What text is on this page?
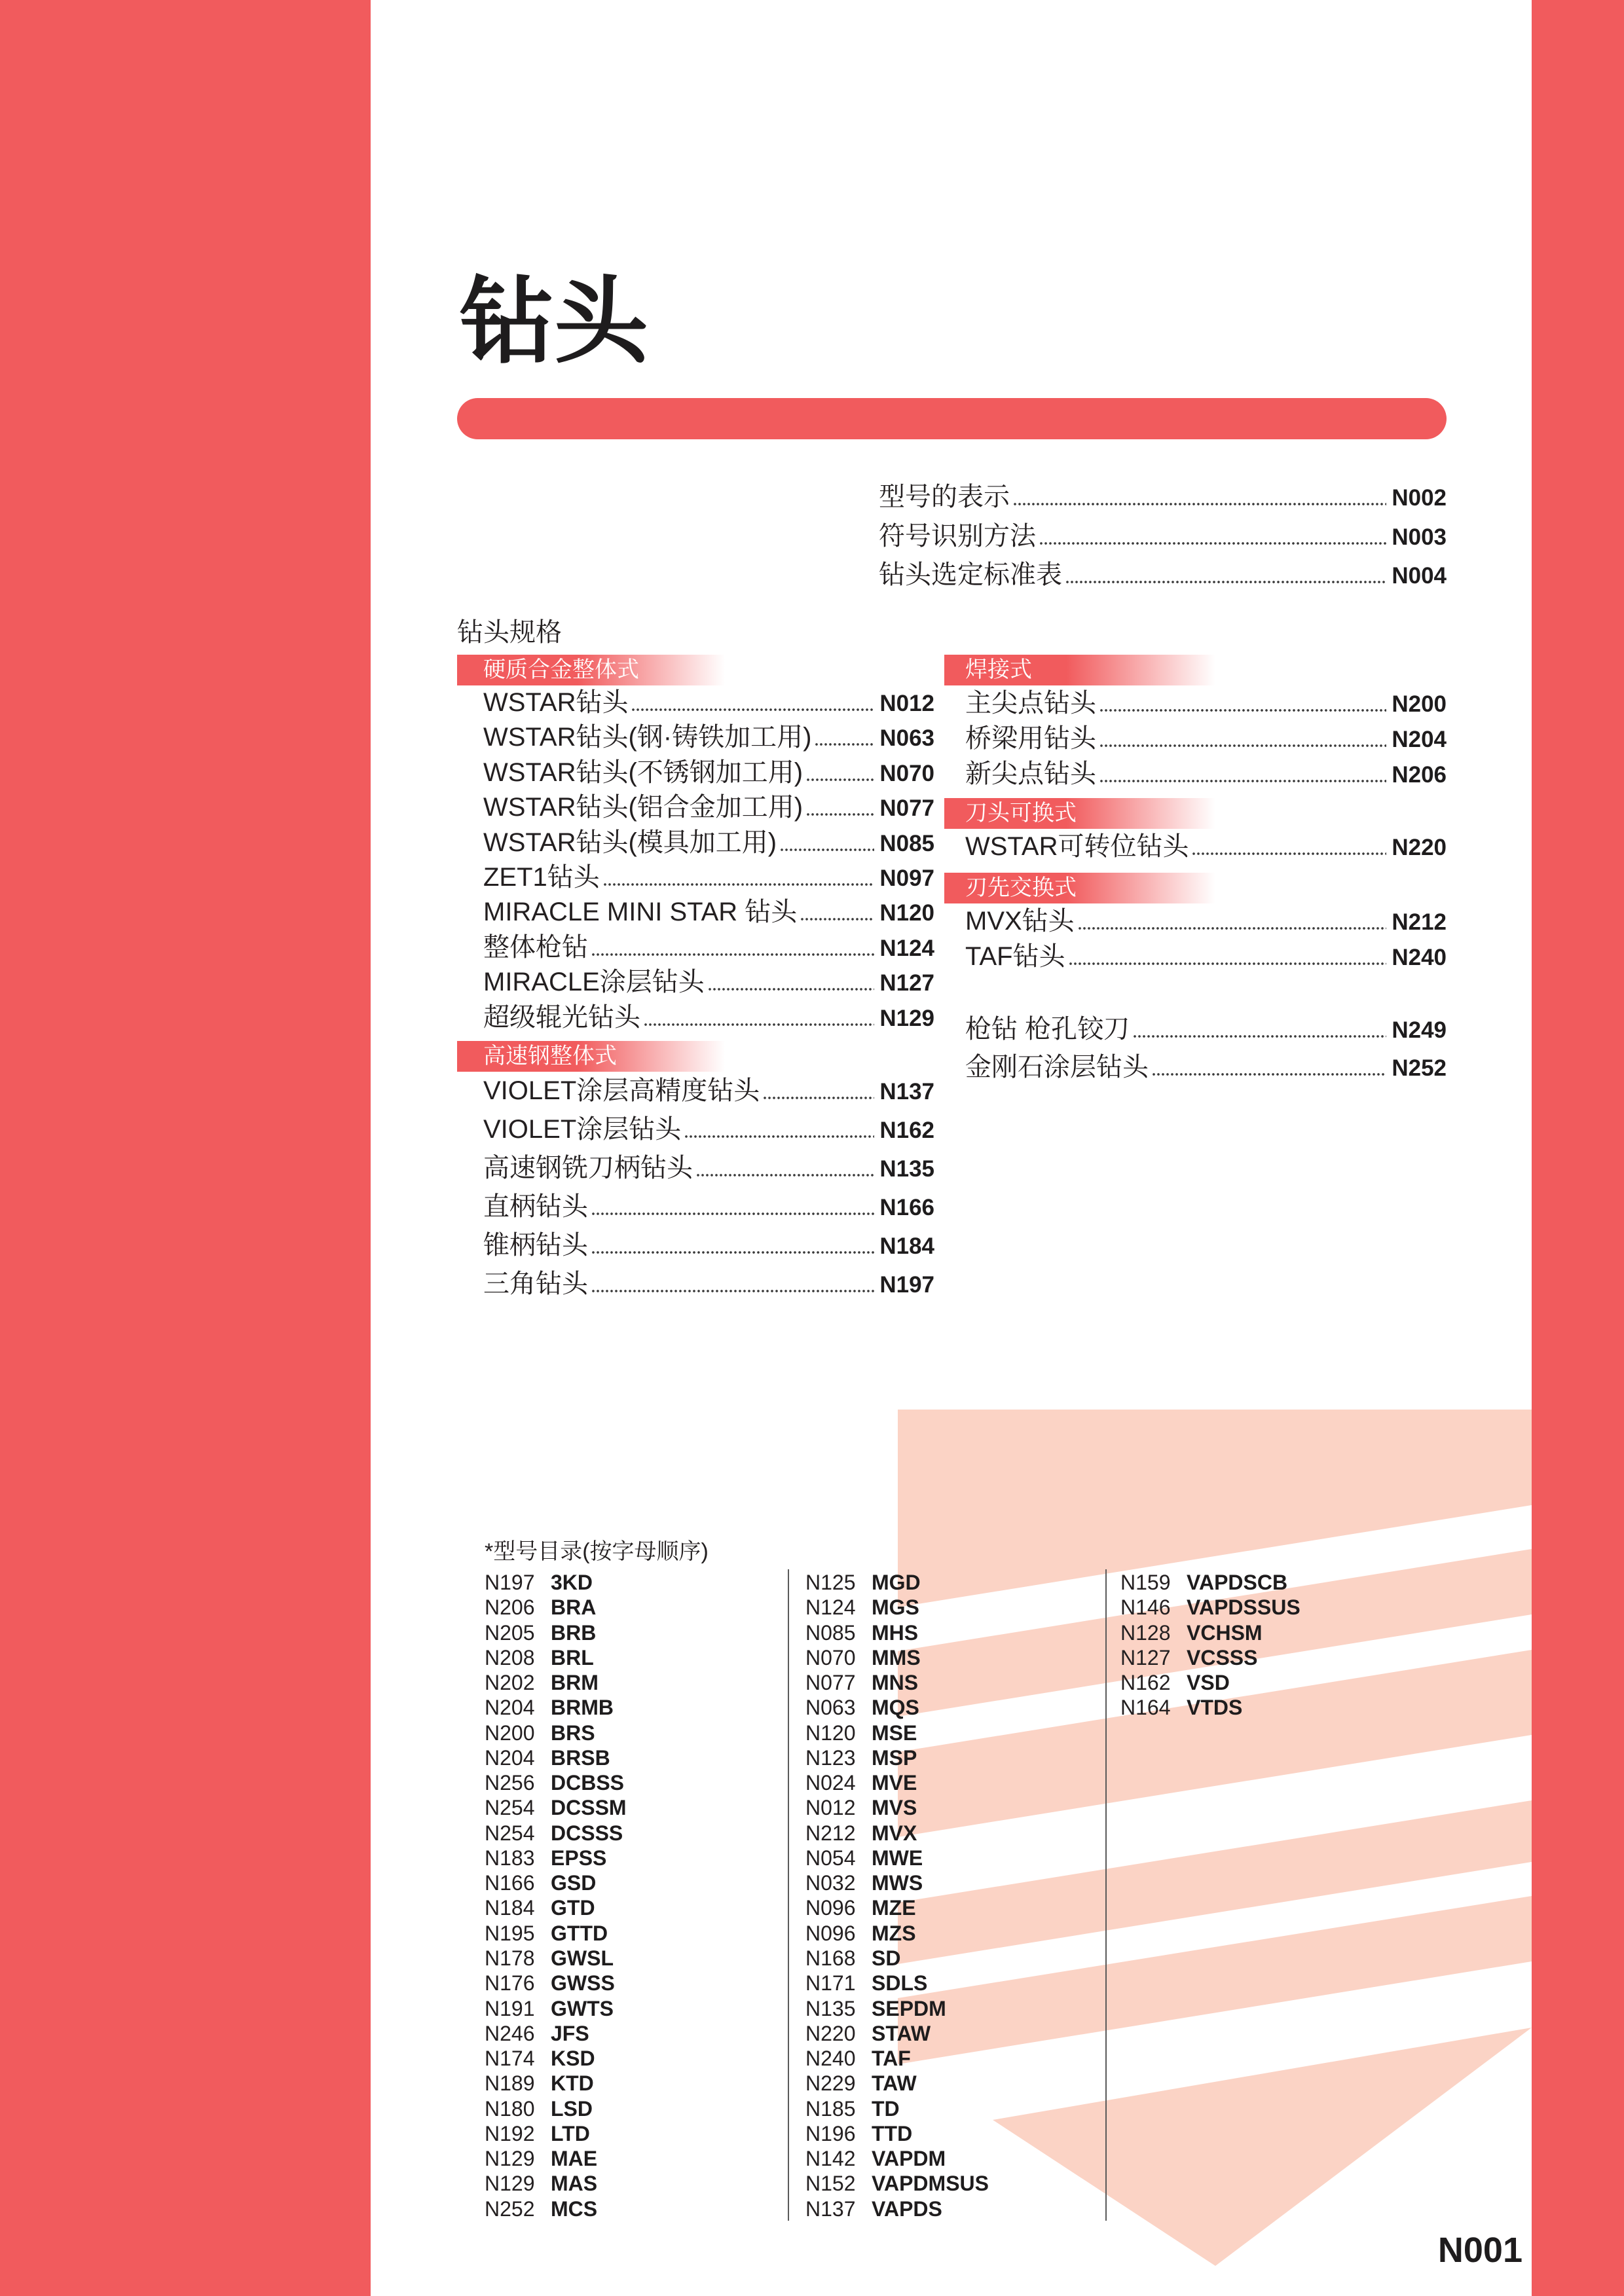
钻头
型号的表示	N002
符号识别方法	N003
钻头选定标准表	N004
钻头规格
硬质合金整体式
WSTAR钻头	N012
WSTAR钻头(钢·铸铁加工用)	N063
WSTAR钻头(不锈钢加工用)	N070
WSTAR钻头(铝合金加工用)	N077
WSTAR钻头(模具加工用)	N085
ZET1钻头	N097
MIRACLE MINI STAR 钻头	N120
整体枪钻	N124
MIRACLE涂层钻头	N127
超级辊光钻头	N129
高速钢整体式
VIOLET涂层高精度钻头	N137
VIOLET涂层钻头	N162
高速钢铣刀柄钻头	N135
直柄钻头	N166
锥柄钻头	N184
三角钻头	N197
焊接式
主尖点钻头	N200
桥梁用钻头	N204
新尖点钻头	N206
刀头可换式
WSTAR可转位钻头	N220
刃先交换式
MVX钻头	N212
TAF钻头	N240
枪钻 枪孔铰刀	N249
金刚石涂层钻头	N252
*型号目录(按字母顺序)
N197 3KD
N206 BRA
N205 BRB
N208 BRL
N202 BRM
N204 BRMB
N200 BRS
N204 BRSB
N256 DCBSS
N254 DCSSM
N254 DCSSS
N183 EPSS
N166 GSD
N184 GTD
N195 GTTD
N178 GWSL
N176 GWSS
N191 GWTS
N246 JFS
N174 KSD
N189 KTD
N180 LSD
N192 LTD
N129 MAE
N129 MAS
N252 MCS
N125 MGD
N124 MGS
N085 MHS
N070 MMS
N077 MNS
N063 MQS
N120 MSE
N123 MSP
N024 MVE
N012 MVS
N212 MVX
N054 MWE
N032 MWS
N096 MZE
N096 MZS
N168 SD
N171 SDLS
N135 SEPDM
N220 STAW
N240 TAF
N229 TAW
N185 TD
N196 TTD
N142 VAPDM
N152 VAPDMSUS
N137 VAPDS
N159 VAPDSCB
N146 VAPDSSUS
N128 VCHSM
N127 VCSSS
N162 VSD
N164 VTDS
N001
